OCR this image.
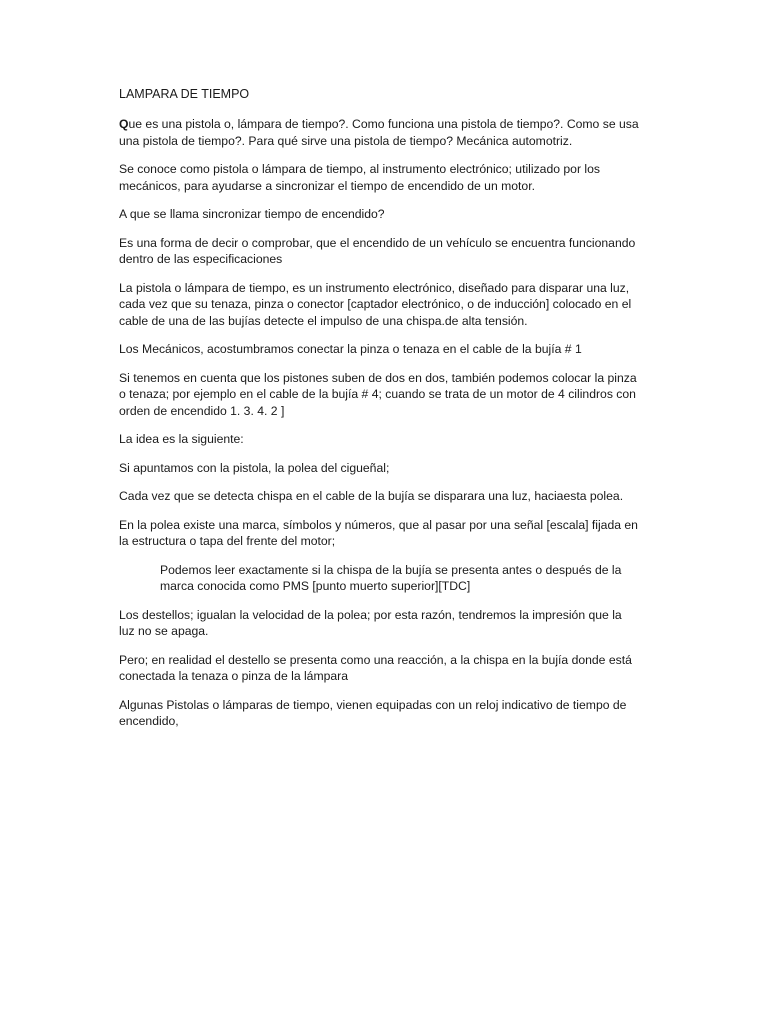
LAMPARA DE TIEMPO

Que es una pistola o, lámpara de tiempo?. Como funciona una pistola de tiempo?. Como se usa una pistola de tiempo?. Para qué sirve una pistola de tiempo? Mecánica automotriz.

Se conoce como pistola o lámpara de tiempo, al instrumento electrónico; utilizado por los mecánicos, para ayudarse a sincronizar el tiempo de encendido de un motor.

A que se llama sincronizar tiempo de encendido?

Es una forma de decir o comprobar, que el encendido de un vehículo se encuentra funcionando dentro de las especificaciones

La pistola o lámpara de tiempo, es un instrumento electrónico, diseñado para disparar una luz, cada vez que su tenaza, pinza o conector [captador electrónico, o de inducción] colocado en el cable de una de las bujías detecte el impulso de una chispa.de alta tensión.

Los Mecánicos, acostumbramos conectar la pinza o tenaza en el cable de la bujía # 1

Si tenemos en cuenta que los pistones suben de dos en dos, también podemos colocar la pinza o tenaza; por ejemplo en el cable de la bujía # 4; cuando se trata de un motor de 4 cilindros con orden de encendido 1. 3. 4. 2 ]

La idea es la siguiente:

Si apuntamos con la pistola, la polea del cigueñal;

Cada vez que se detecta chispa en el cable de la bujía se disparara una luz, haciaesta polea.

En la polea existe una marca, símbolos y números, que al pasar por una señal [escala] fijada en la estructura o tapa del frente del motor;

Podemos leer exactamente si la chispa de la bujía se presenta antes o después de la marca conocida como PMS [punto muerto superior][TDC]

Los destellos; igualan la velocidad de la polea; por esta razón, tendremos la impresión que la luz no se apaga.

Pero; en realidad el destello se presenta como una reacción, a la chispa en la bujía donde está conectada la tenaza o pinza de la lámpara

Algunas Pistolas o lámparas de tiempo, vienen equipadas con un reloj indicativo de tiempo de encendido,
